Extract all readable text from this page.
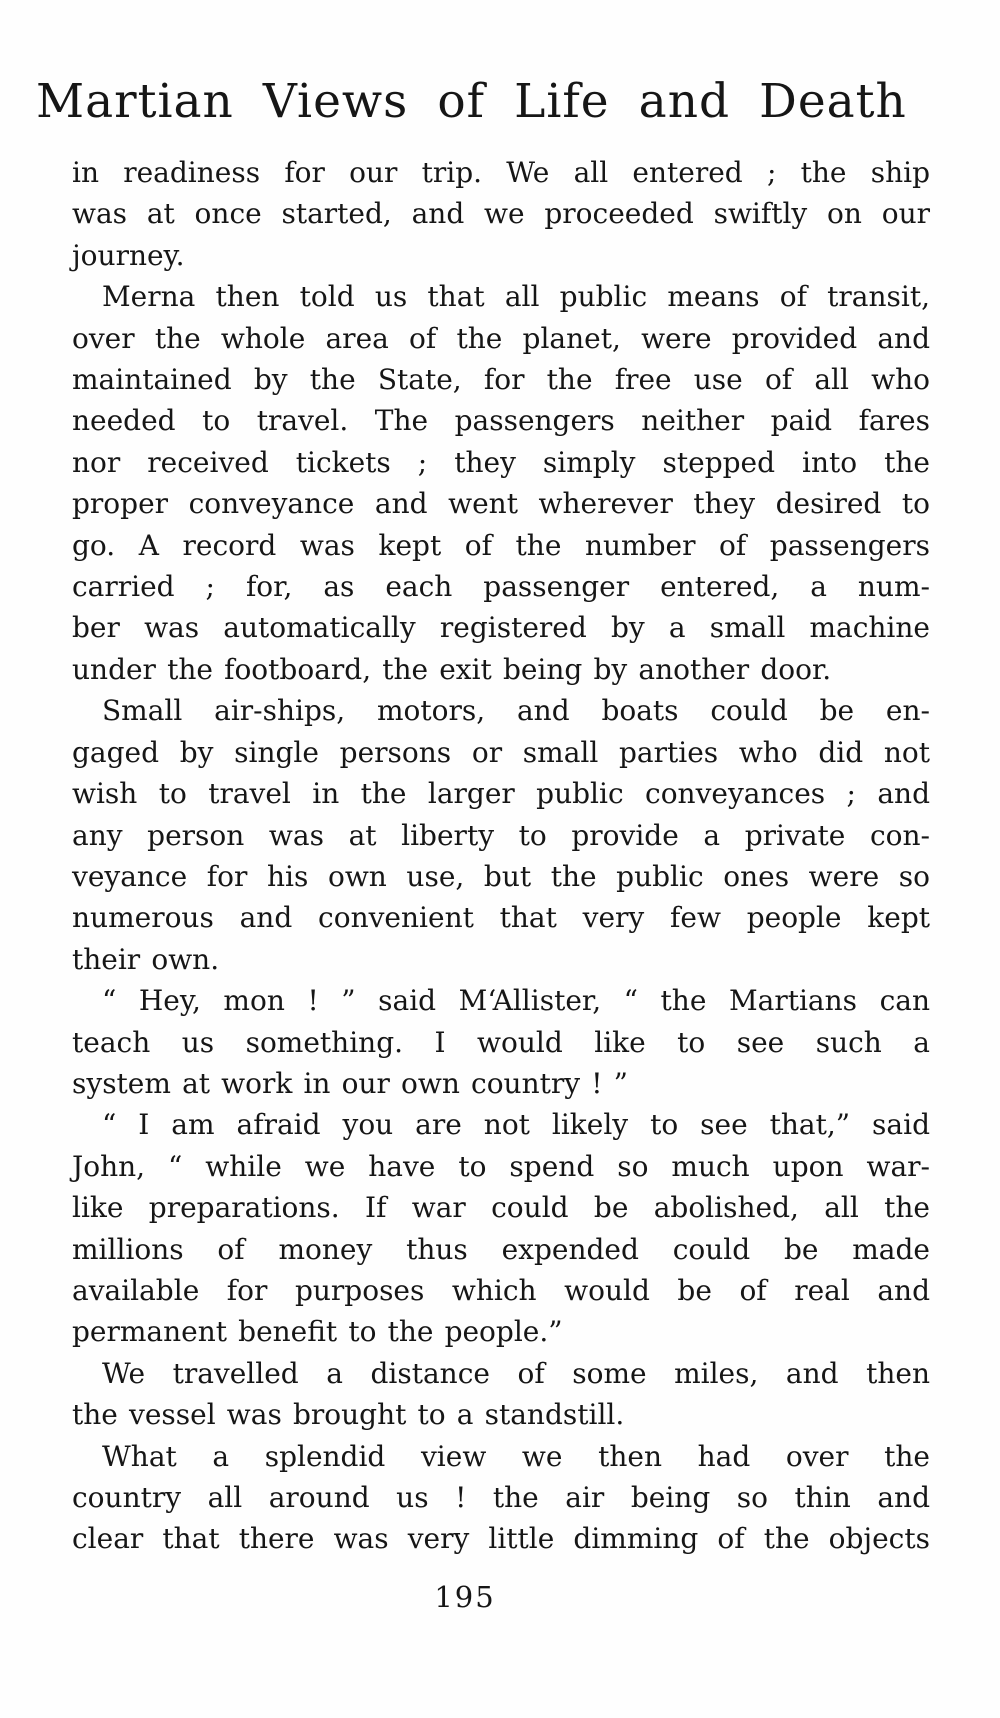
Martian Views of Life and Death
in readiness for our trip. We all entered ; the ship
was at once started, and we proceeded swiftly on our
journey.
Merna then told us that all public means of transit,
over the whole area of the planet, were provided and
maintained by the State, for the free use of all who
needed to travel. The passengers neither paid fares
nor received tickets ; they simply stepped into the
proper conveyance and went wherever they desired to
go. A record was kept of the number of passengers
carried ; for, as each passenger entered, a num-
ber was automatically registered by a small machine
under the footboard, the exit being by another door.
Small air-ships, motors, and boats could be en-
gaged by single persons or small parties who did not
wish to travel in the larger public conveyances ; and
any person was at liberty to provide a private con-
veyance for his own use, but the public ones were so
numerous and convenient that very few people kept
their own.
“ Hey, mon ! ” said M‘Allister, “ the Martians can
teach us something. I would like to see such a
system at work in our own country ! ”
“ I am afraid you are not likely to see that,” said
John, “ while we have to spend so much upon war-
like preparations. If war could be abolished, all the
millions of money thus expended could be made
available for purposes which would be of real and
permanent benefit to the people.”
We travelled a distance of some miles, and then
the vessel was brought to a standstill.
What a splendid view we then had over the
country all around us ! the air being so thin and
clear that there was very little dimming of the objects
195
